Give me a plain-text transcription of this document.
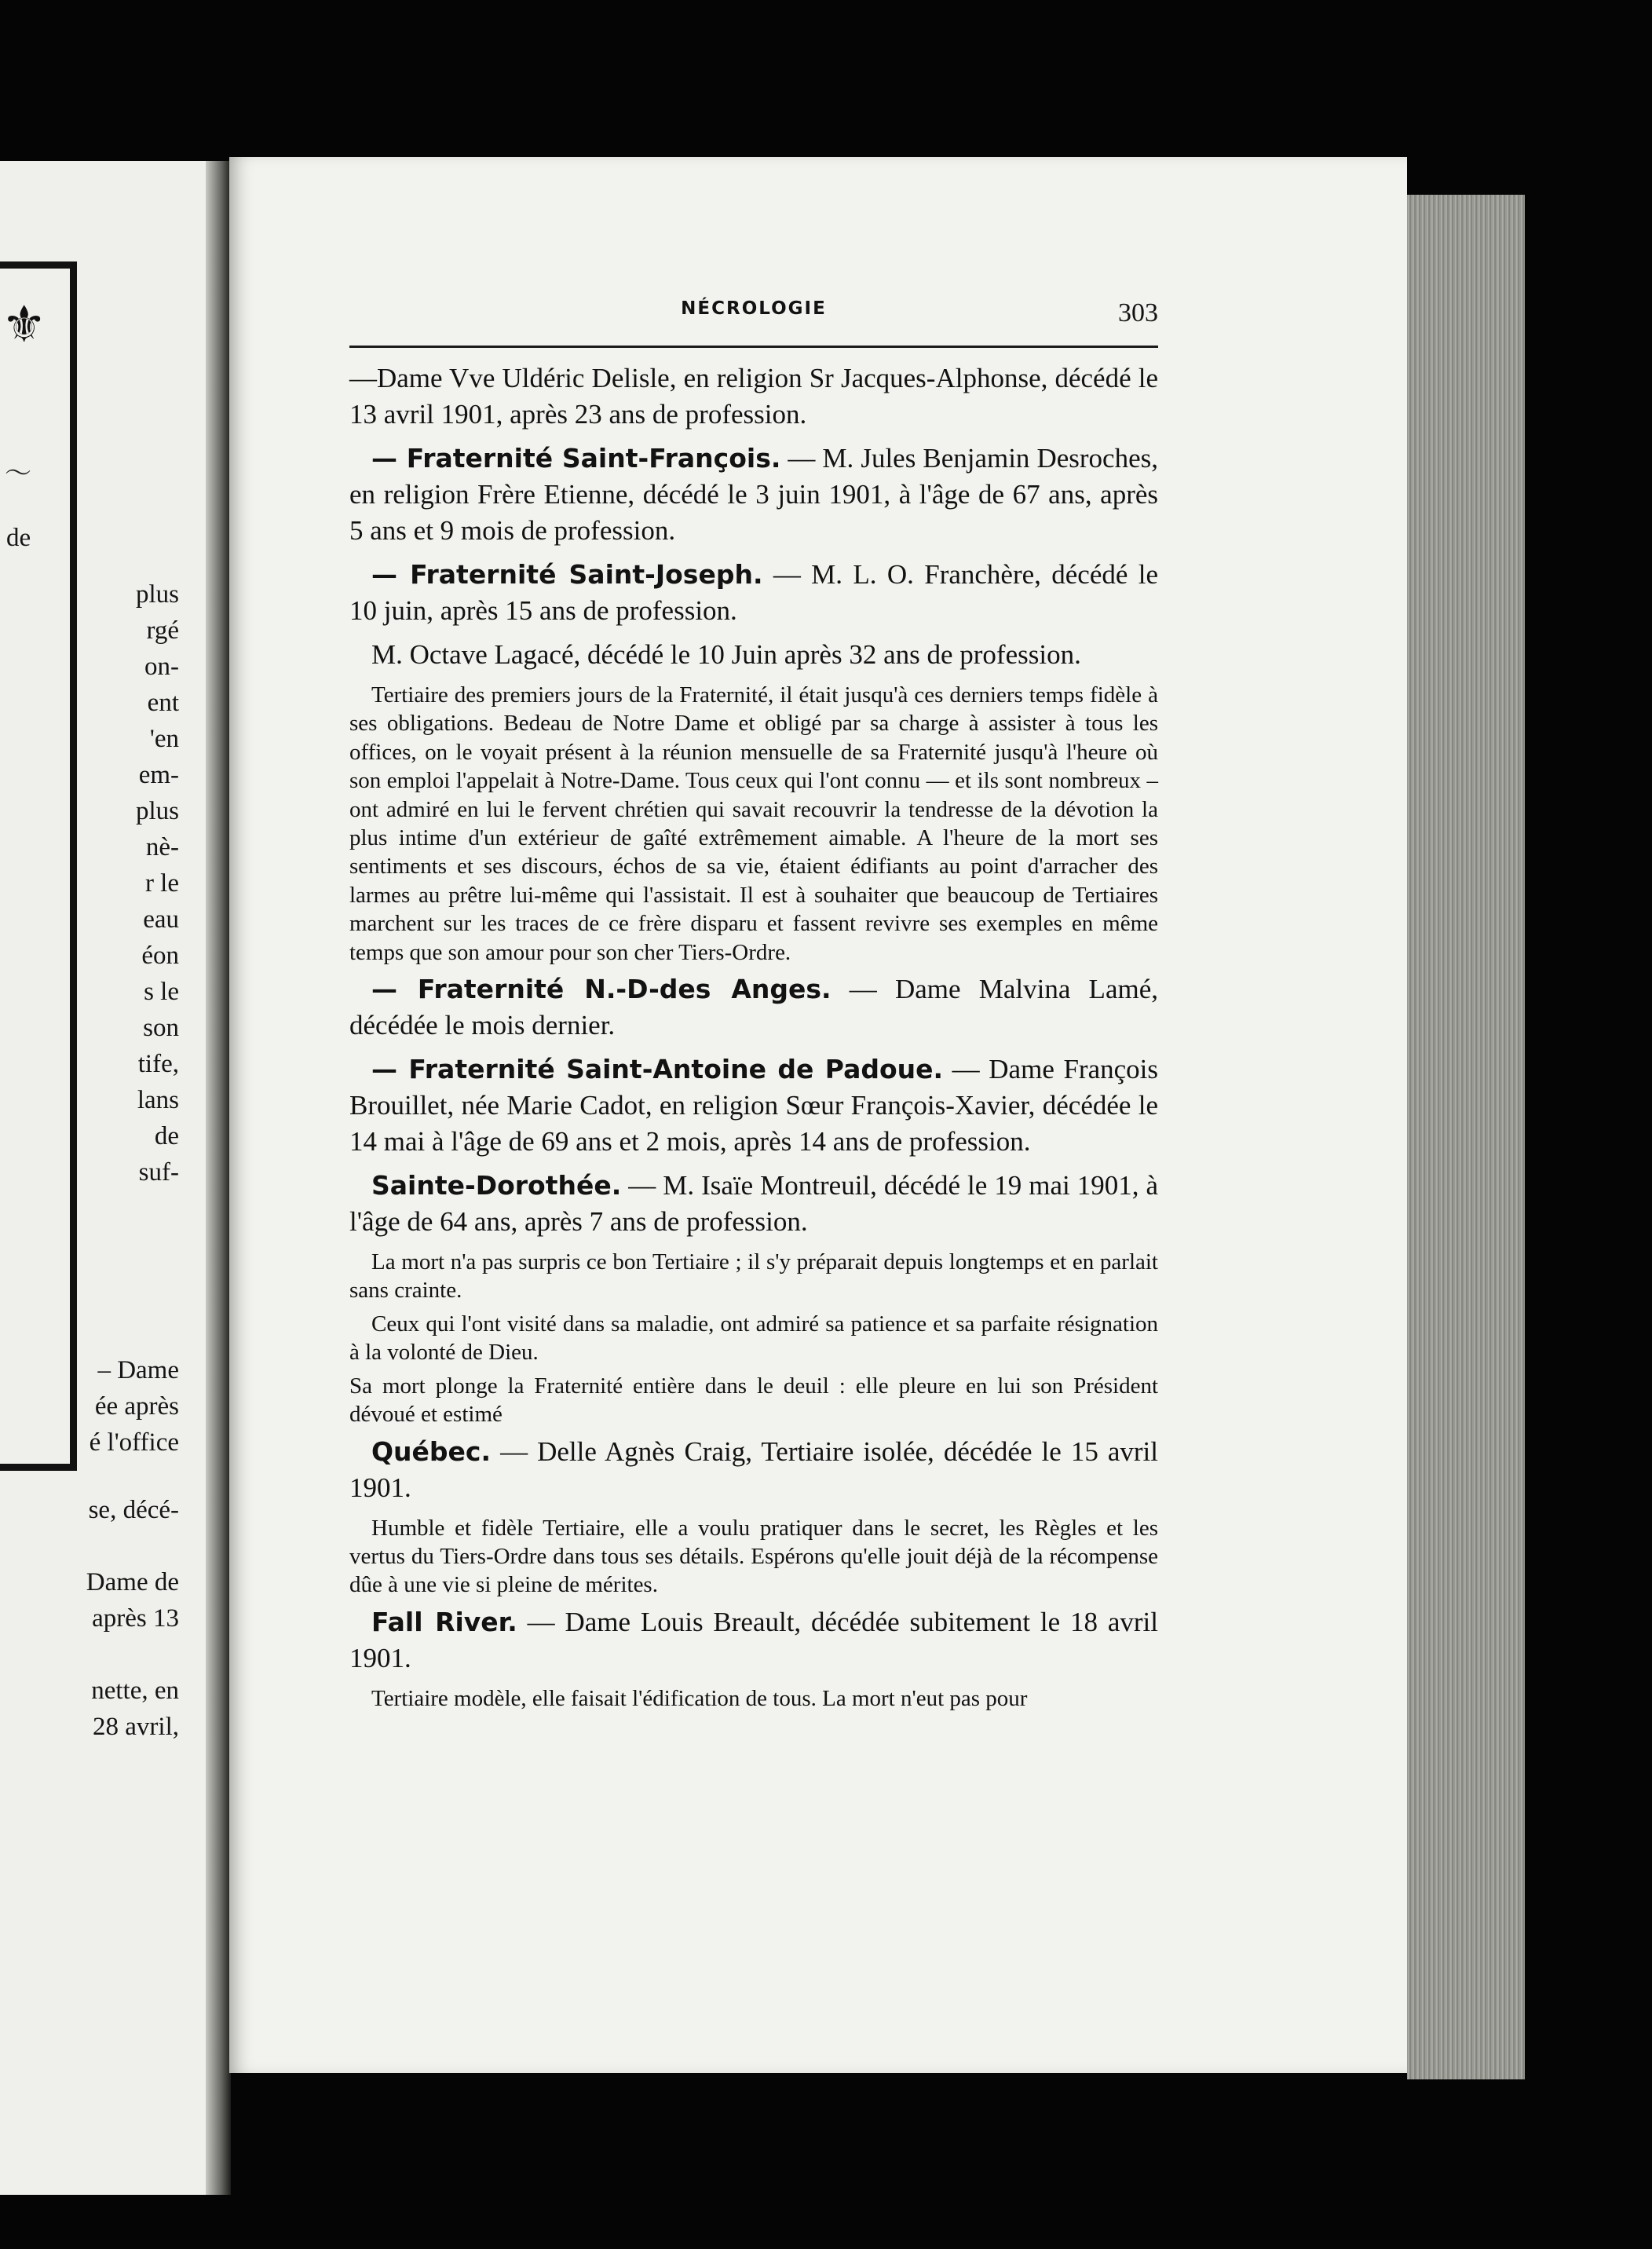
⚜
〜
de
plus
rgé
on-
ent
'en
em-
plus
nè-
r le
eau
éon
s le
son
tife,
lans
de
suf-
– Dame
ée après
é l'office
se, décé-
Dame de
après 13
nette, en
28 avril,
NÉCROLOGIE	303

—Dame Vve Uldéric Delisle, en religion Sr Jacques-Alphonse, décédé le 13 avril 1901, après 23 ans de profession.

— Fraternité Saint-François. — M. Jules Benjamin Desroches, en religion Frère Etienne, décédé le 3 juin 1901, à l'âge de 67 ans, après 5 ans et 9 mois de profession.

— Fraternité Saint-Joseph. — M. L. O. Franchère, décédé le 10 juin, après 15 ans de profession.

M. Octave Lagacé, décédé le 10 Juin après 32 ans de profession.

Tertiaire des premiers jours de la Fraternité, il était jusqu'à ces derniers temps fidèle à ses obligations. Bedeau de Notre Dame et obligé par sa charge à assister à tous les offices, on le voyait présent à la réunion mensuelle de sa Fraternité jusqu'à l'heure où son emploi l'appelait à Notre-Dame. Tous ceux qui l'ont connu — et ils sont nombreux – ont admiré en lui le fervent chrétien qui savait recouvrir la tendresse de la dévotion la plus intime d'un extérieur de gaîté extrêmement aimable. A l'heure de la mort ses sentiments et ses discours, échos de sa vie, étaient édifiants au point d'arracher des larmes au prêtre lui-même qui l'assistait. Il est à souhaiter que beaucoup de Tertiaires marchent sur les traces de ce frère disparu et fassent revivre ses exemples en même temps que son amour pour son cher Tiers-Ordre.

— Fraternité N.-D-des Anges. — Dame Malvina Lamé, décédée le mois dernier.

— Fraternité Saint-Antoine de Padoue. — Dame François Brouillet, née Marie Cadot, en religion Sœur François-Xavier, décédée le 14 mai à l'âge de 69 ans et 2 mois, après 14 ans de profession.

Sainte-Dorothée. — M. Isaïe Montreuil, décédé le 19 mai 1901, à l'âge de 64 ans, après 7 ans de profession.

La mort n'a pas surpris ce bon Tertiaire ; il s'y préparait depuis longtemps et en parlait sans crainte.

Ceux qui l'ont visité dans sa maladie, ont admiré sa patience et sa parfaite résignation à la volonté de Dieu.

Sa mort plonge la Fraternité entière dans le deuil : elle pleure en lui son Président dévoué et estimé

Québec. — Delle Agnès Craig, Tertiaire isolée, décédée le 15 avril 1901.

Humble et fidèle Tertiaire, elle a voulu pratiquer dans le secret, les Règles et les vertus du Tiers-Ordre dans tous ses détails. Espérons qu'elle jouit déjà de la récompense dûe à une vie si pleine de mérites.

Fall River. — Dame Louis Breault, décédée subitement le 18 avril 1901.

Tertiaire modèle, elle faisait l'édification de tous. La mort n'eut pas pour
